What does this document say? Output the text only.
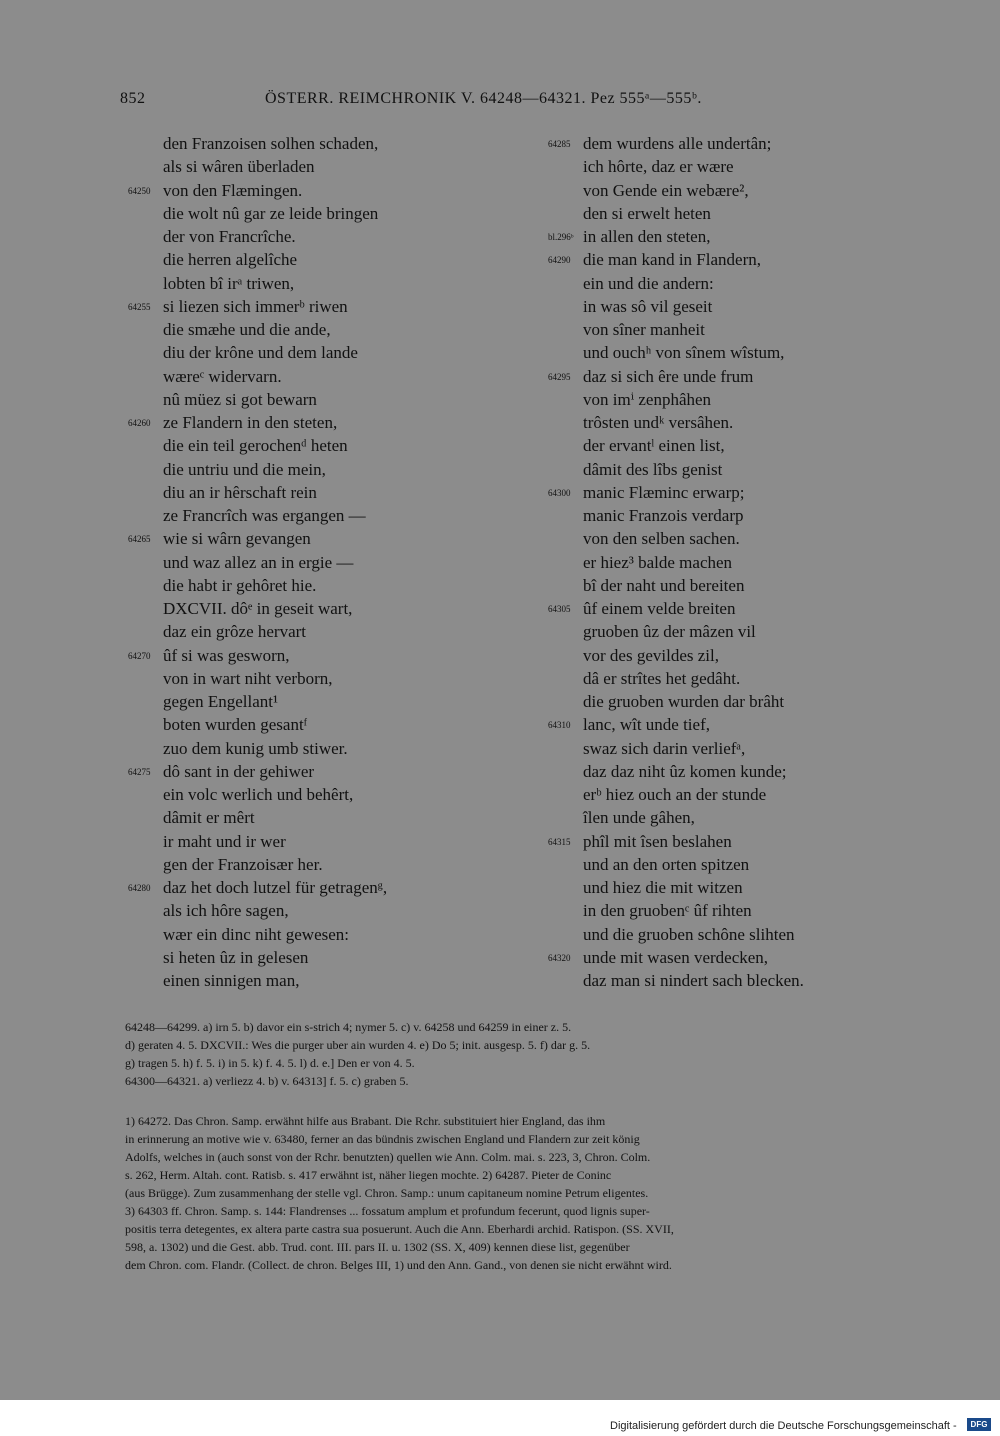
852	ÖSTERR. REIMCHRONIK V. 64248—64321. Pez 555ᵃ—555ᵇ.
den Franzoisen solhen schaden,
als si wâren überladen
64250 von den Flæmingen.
die wolt nû gar ze leide bringen
der von Francrîche.
die herren algelîche
lobten bî irᵃ triwen,
64255 si liezen sich immerᵇ riwen
die smæhe und die ande,
diu der krône und dem lande
wæreᶜ widervarn.
nû müez si got bewarn
64260 ze Flandern in den steten,
die ein teil gerochenᵈ heten
die untriu und die mein,
diu an ir hêrschaft rein
ze Francrîch was ergangen —
64265 wie si wârn gevangen
und waz allez an in ergie —
die habt ir gehôret hie.
DXCVII. dôᵉ in geseit wart,
daz ein grôze hervart
64270 ûf si was gesworn,
von in wart niht verborn,
gegen Engellant¹
boten wurden gesantᶠ
zuo dem kunig umb stiwer.
64275 dô sant in der gehiwer
ein volc werlich und behêrt,
dâmit er mêrt
ir maht und ir wer
gen der Franzoisær her.
64280 daz het doch lutzel für getragenᵍ,
als ich hôre sagen,
wær ein dinc niht gewesen:
si heten ûz in gelesen
einen sinnigen man,
64285 dem wurdens alle undertân;
ich hôrte, daz er wære
von Gende ein webære²,
den si erwelt heten
bl.296ᵇ in allen den steten,
64290 die man kand in Flandern,
ein und die andern:
in was sô vil geseit
von sîner manheit
und ouchʰ von sînem wîstum,
64295 daz si sich êre unde frum
von imⁱ zenphâhen
trôsten undᵏ versâhen.
der ervantˡ einen list,
dâmit des lîbs genist
64300 manic Flæminc erwarp;
manic Franzois verdarp
von den selben sachen.
er hiez³ balde machen
bî der naht und bereiten
64305 ûf einem velde breiten
gruoben ûz der mâzen vil
vor des gevildes zil,
dâ er strîtes het gedâht.
die gruoben wurden dar brâht
64310 lanc, wît unde tief,
swaz sich darin verliefᵃ,
daz daz niht ûz komen kunde;
erᵇ hiez ouch an der stunde
îlen unde gâhen,
64315 phîl mit îsen beslahen
und an den orten spitzen
und hiez die mit witzen
in den gruobenᶜ ûf rihten
und die gruoben schône slihten
64320 unde mit wasen verdecken,
daz man si nindert sach blecken.

64248—64299. a) irn 5. b) davor ein s-strich 4; nymer 5. c) v. 64258 und 64259 in einer z. 5.

d) geraten 4. 5. DXCVII.: Wes die purger uber ain wurden 4. e) Do 5; init. ausgesp. 5. f) dar g. 5.

g) tragen 5. h) f. 5. i) in 5. k) f. 4. 5. l) d. e.] Den er von 4. 5.

64300—64321. a) verliezz 4. b) v. 64313] f. 5. c) graben 5.

1) 64272. Das Chron. Samp. erwähnt hilfe aus Brabant. Die Rchr. substituiert hier England, das ihm

in erinnerung an motive wie v. 63480, ferner an das bündnis zwischen England und Flandern zur zeit könig

Adolfs, welches in (auch sonst von der Rchr. benutzten) quellen wie Ann. Colm. mai. s. 223, 3, Chron. Colm.

s. 262, Herm. Altah. cont. Ratisb. s. 417 erwähnt ist, näher liegen mochte. 2) 64287. Pieter de Coninc

(aus Brügge). Zum zusammenhang der stelle vgl. Chron. Samp.: unum capitaneum nomine Petrum eligentes.

3) 64303 ff. Chron. Samp. s. 144: Flandrenses ... fossatum amplum et profundum fecerunt, quod lignis super-

positis terra detegentes, ex altera parte castra sua posuerunt. Auch die Ann. Eberhardi archid. Ratispon. (SS. XVII,

598, a. 1302) und die Gest. abb. Trud. cont. III. pars II. u. 1302 (SS. X, 409) kennen diese list, gegenüber

dem Chron. com. Flandr. (Collect. de chron. Belges III, 1) und den Ann. Gand., von denen sie nicht erwähnt wird.

Digitalisierung gefördert durch die Deutsche Forschungsgemeinschaft -	DFG
